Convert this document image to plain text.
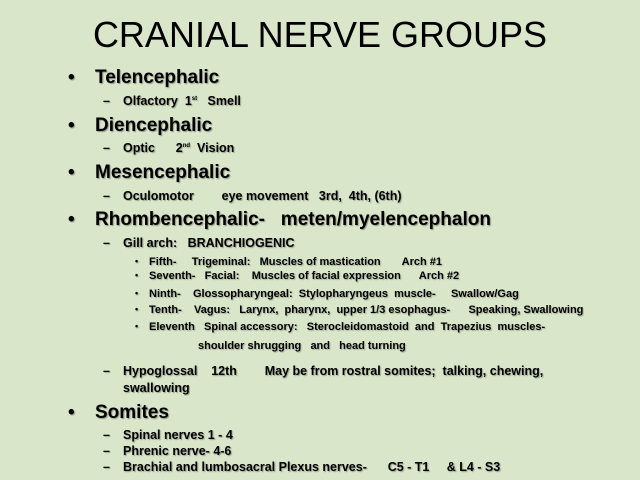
CRANIAL NERVE GROUPS
• Telencephalic
– Olfactory  1st   Smell
• Diencephalic
– Optic      2nd  Vision
• Mesencephalic
– Oculomotor        eye movement   3rd,  4th, (6th)
• Rhombencephalic-   meten/myelencephalon
– Gill arch:   BRANCHIOGENIC
• Fifth-     Trigeminal:   Muscles of mastication       Arch #1
• Seventh-   Facial:    Muscles of facial expression      Arch #2
• Ninth-    Glossopharyngeal:  Stylopharyngeus  muscle-     Swallow/Gag
• Tenth-    Vagus:   Larynx,  pharynx,  upper 1/3 esophagus-      Speaking, Swallowing
• Eleventh   Spinal accessory:   Sterocleidomastoid  and  Trapezius  muscles-
shoulder shrugging   and   head turning
– Hypoglossal    12th        May be from rostral somites;  talking, chewing,
swallowing
• Somites
– Spinal nerves 1 - 4
– Phrenic nerve- 4-6
– Brachial and lumbosacral Plexus nerves-      C5 - T1     & L4 - S3
